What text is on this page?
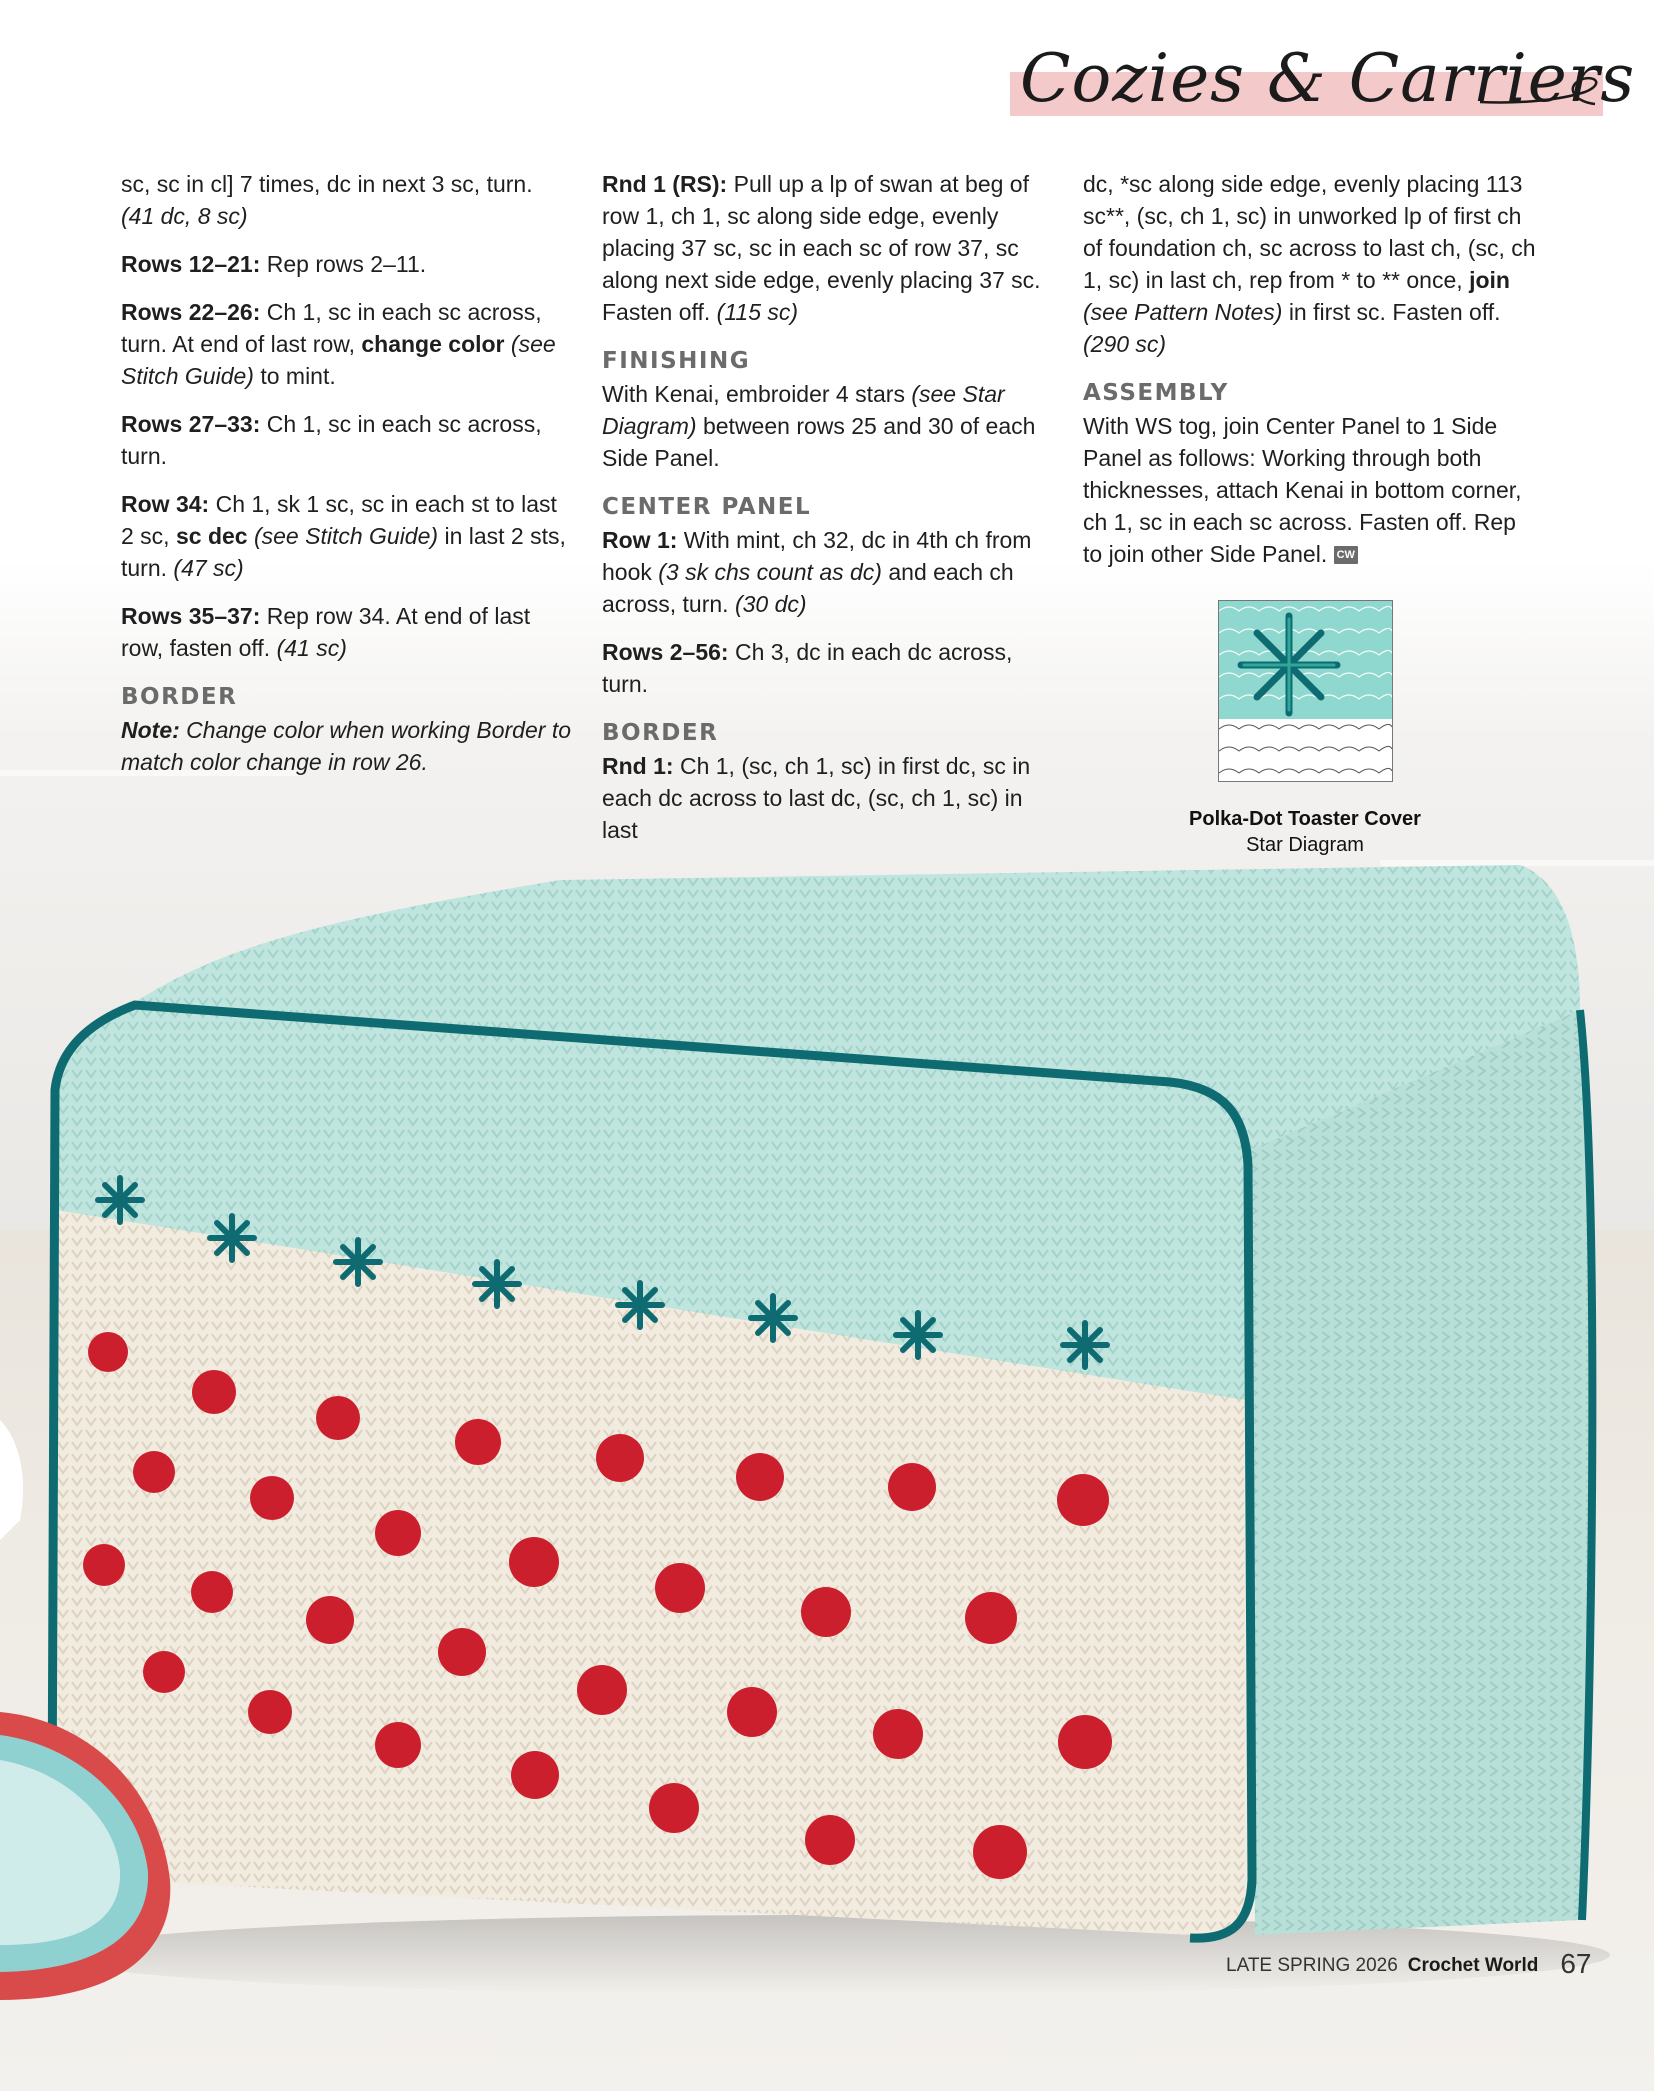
Cozies & Carriers

sc, sc in cl] 7 times, dc in next 3 sc, turn. (41 dc, 8 sc)

Rows 12–21: Rep rows 2–11.

Rows 22–26: Ch 1, sc in each sc across, turn. At end of last row, change color (see Stitch Guide) to mint.

Rows 27–33: Ch 1, sc in each sc across, turn.

Row 34: Ch 1, sk 1 sc, sc in each st to last 2 sc, sc dec (see Stitch Guide) in last 2 sts, turn. (47 sc)

Rows 35–37: Rep row 34. At end of last row, fasten off. (41 sc)

BORDER

Note: Change color when working Border to match color change in row 26.

Rnd 1 (RS): Pull up a lp of swan at beg of row 1, ch 1, sc along side edge, evenly placing 37 sc, sc in each sc of row 37, sc along next side edge, evenly placing 37 sc. Fasten off. (115 sc)

FINISHING

With Kenai, embroider 4 stars (see Star Diagram) between rows 25 and 30 of each Side Panel.

CENTER PANEL

Row 1: With mint, ch 32, dc in 4th ch from hook (3 sk chs count as dc) and each ch across, turn. (30 dc)

Rows 2–56: Ch 3, dc in each dc across, turn.

BORDER

Rnd 1: Ch 1, (sc, ch 1, sc) in first dc, sc in each dc across to last dc, (sc, ch 1, sc) in last

dc, *sc along side edge, evenly placing 113 sc**, (sc, ch 1, sc) in unworked lp of first ch of foundation ch, sc across to last ch, (sc, ch 1, sc) in last ch, rep from * to ** once, join (see Pattern Notes) in first sc. Fasten off. (290 sc)

ASSEMBLY

With WS tog, join Center Panel to 1 Side Panel as follows: Working through both thicknesses, attach Kenai in bottom corner, ch 1, sc in each sc across. Fasten off. Rep to join other Side Panel. CW

Polka-Dot Toaster Cover
Star Diagram
LATE SPRING 2026 Crochet World 67
